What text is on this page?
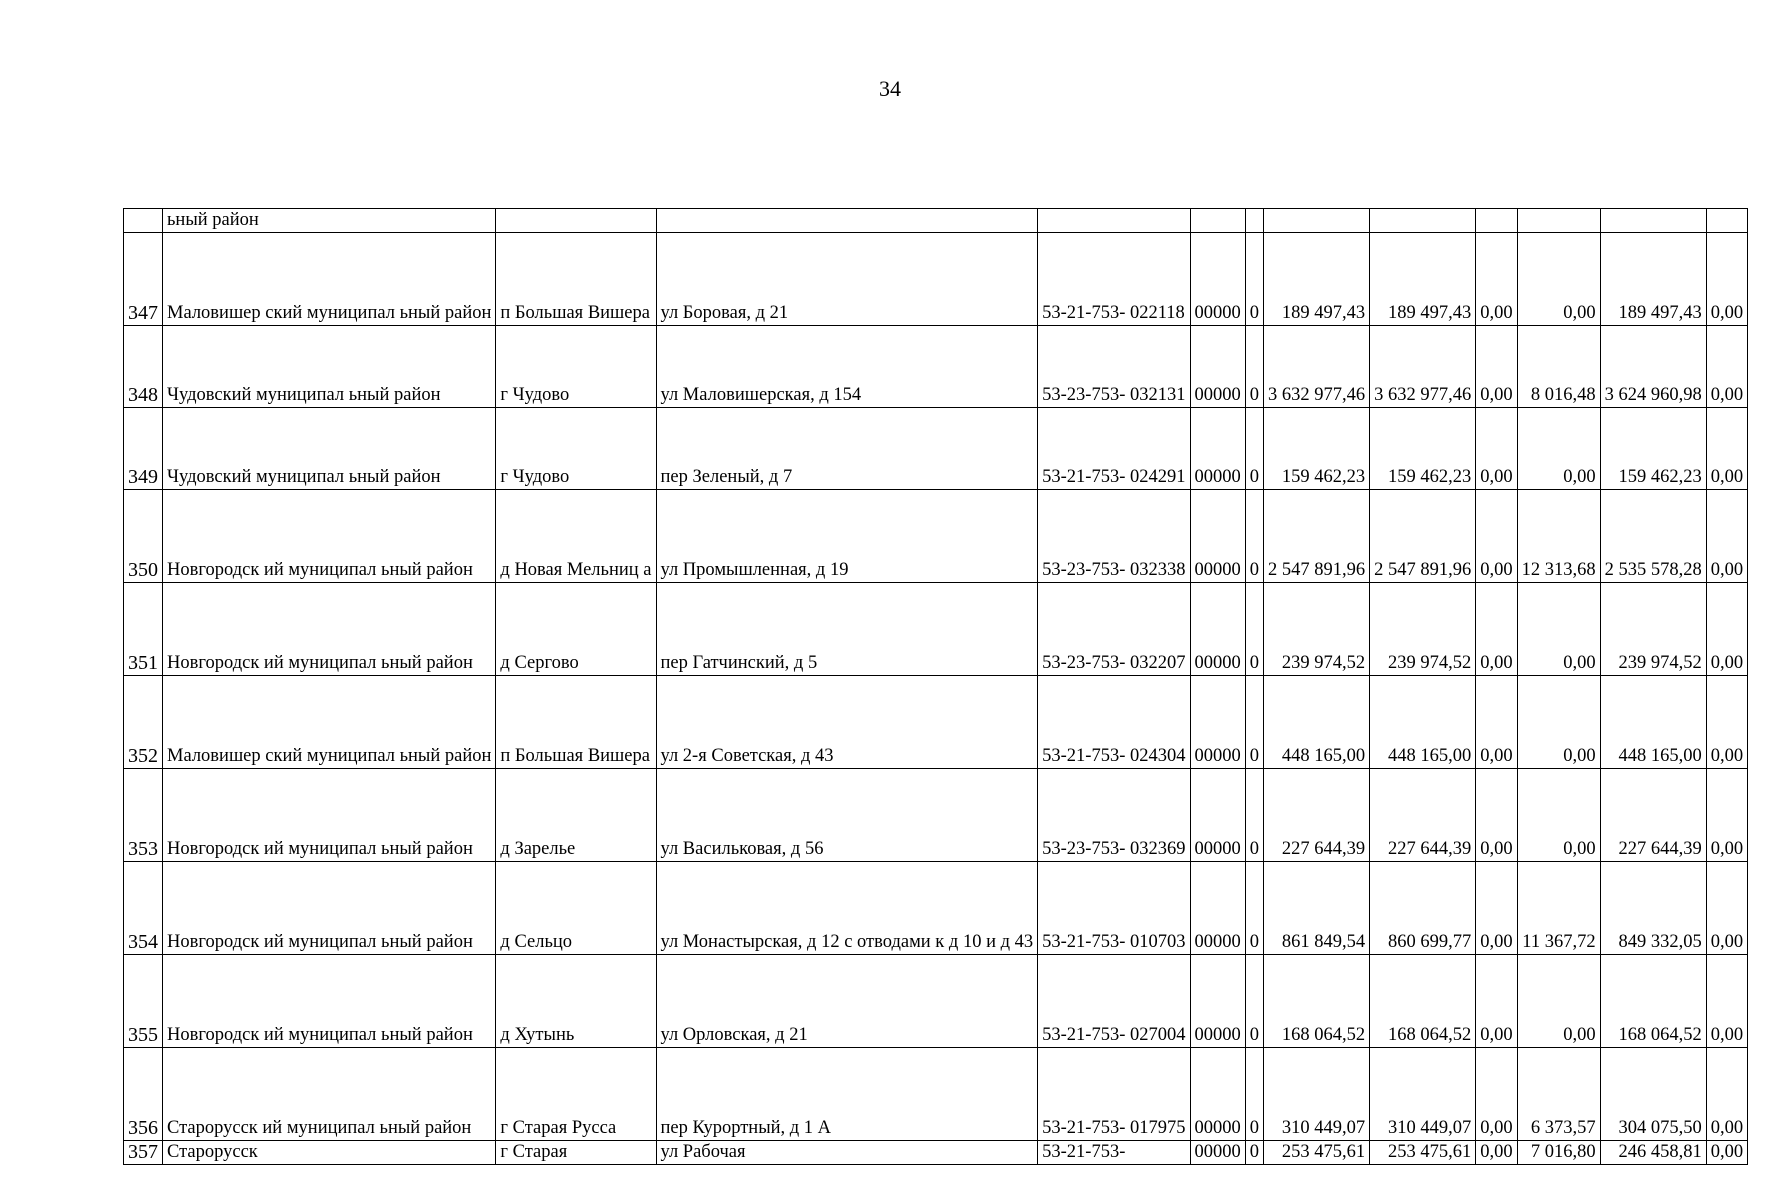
34
	ьный район											
347	Маловишер ский муниципал ьный район	п Большая Вишера	ул Боровая, д 21	53-21-753- 022118	00000	0	189 497,43	189 497,43	0,00	0,00	189 497,43	0,00
348	Чудовский муниципал ьный район	г Чудово	ул Маловишерская, д 154	53-23-753- 032131	00000	0	3 632 977,46	3 632 977,46	0,00	8 016,48	3 624 960,98	0,00
349	Чудовский муниципал ьный район	г Чудово	пер Зеленый, д 7	53-21-753- 024291	00000	0	159 462,23	159 462,23	0,00	0,00	159 462,23	0,00
350	Новгородск ий муниципал ьный район	д Новая Мельниц а	ул Промышленная, д 19	53-23-753- 032338	00000	0	2 547 891,96	2 547 891,96	0,00	12 313,68	2 535 578,28	0,00
351	Новгородск ий муниципал ьный район	д Сергово	пер Гатчинский, д 5	53-23-753- 032207	00000	0	239 974,52	239 974,52	0,00	0,00	239 974,52	0,00
352	Маловишер ский муниципал ьный район	п Большая Вишера	ул 2-я Советская, д 43	53-21-753- 024304	00000	0	448 165,00	448 165,00	0,00	0,00	448 165,00	0,00
353	Новгородск ий муниципал ьный район	д Зарелье	ул Васильковая, д 56	53-23-753- 032369	00000	0	227 644,39	227 644,39	0,00	0,00	227 644,39	0,00
354	Новгородск ий муниципал ьный район	д Сельцо	ул Монастырская, д 12 с отводами к д 10 и д 43	53-21-753- 010703	00000	0	861 849,54	860 699,77	0,00	11 367,72	849 332,05	0,00
355	Новгородск ий муниципал ьный район	д Хутынь	ул Орловская, д 21	53-21-753- 027004	00000	0	168 064,52	168 064,52	0,00	0,00	168 064,52	0,00
356	Старорусск ий муниципал ьный район	г Старая Русса	пер Курортный, д 1 А	53-21-753- 017975	00000	0	310 449,07	310 449,07	0,00	6 373,57	304 075,50	0,00
357	Старорусск	г Старая	ул Рабочая	53-21-753-	00000	0	253 475,61	253 475,61	0,00	7 016,80	246 458,81	0,00
